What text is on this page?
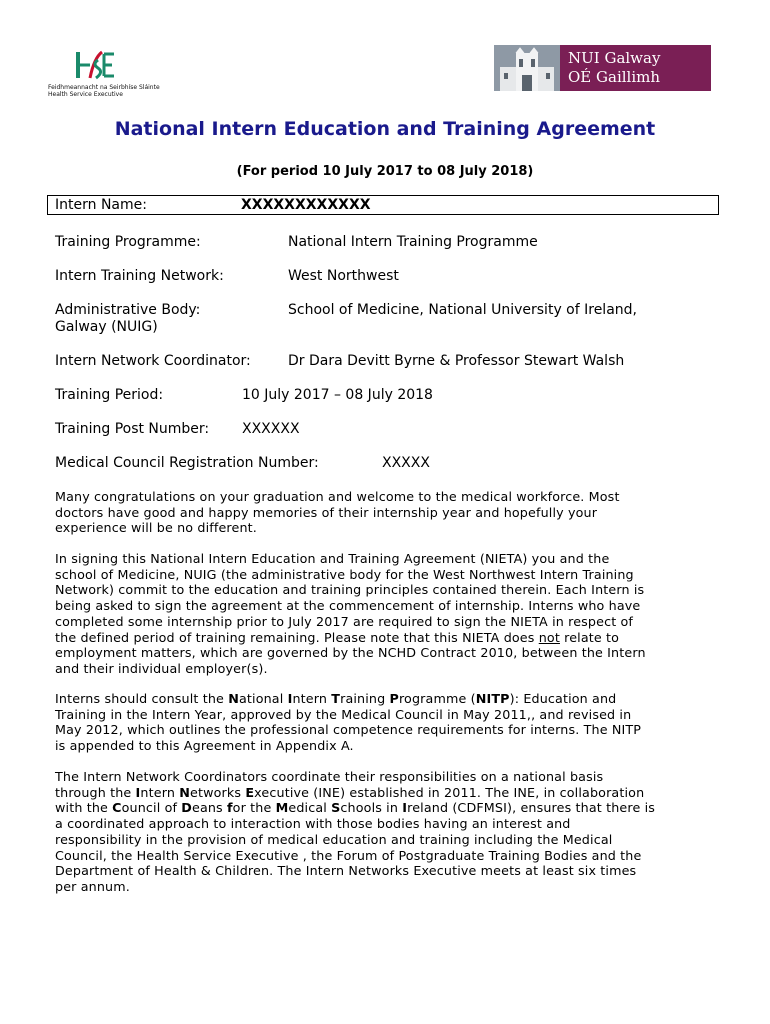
Feidhmeannacht na Seirbhíse Sláinte
Health Service Executive
NUI Galway
OÉ Gaillimh
National Intern Education and Training Agreement
(For period 10 July 2017 to 08 July 2018)
Intern Name:	XXXXXXXXXXXX
Training Programme:	National Intern Training Programme
Intern Training Network:	West Northwest
Administrative Body:	School of Medicine, National University of Ireland,
Galway (NUIG)
Intern Network Coordinator:	Dr Dara Devitt Byrne & Professor Stewart Walsh
Training Period:	10 July 2017 – 08 July 2018
Training Post Number: XXXXXX
Medical Council Registration Number:	XXXXX
Many congratulations on your graduation and welcome to the medical workforce. Most
doctors have good and happy memories of their internship year and hopefully your
experience will be no different.
In signing this National Intern Education and Training Agreement (NIETA) you and the
school of Medicine, NUIG (the administrative body for the West Northwest Intern Training
Network) commit to the education and training principles contained therein. Each Intern is
being asked to sign the agreement at the commencement of internship. Interns who have
completed some internship prior to July 2017 are required to sign the NIETA in respect of
the defined period of training remaining. Please note that this NIETA does not relate to
employment matters, which are governed by the NCHD Contract 2010, between the Intern
and their individual employer(s).
Interns should consult the National Intern Training Programme (NITP): Education and
Training in the Intern Year, approved by the Medical Council in May 2011,, and revised in
May 2012, which outlines the professional competence requirements for interns. The NITP
is appended to this Agreement in Appendix A.
The Intern Network Coordinators coordinate their responsibilities on a national basis
through the Intern Networks Executive (INE) established in 2011. The INE, in collaboration
with the Council of Deans for the Medical Schools in Ireland (CDFMSI), ensures that there is
a coordinated approach to interaction with those bodies having an interest and
responsibility in the provision of medical education and training including the Medical
Council, the Health Service Executive , the Forum of Postgraduate Training Bodies and the
Department of Health & Children. The Intern Networks Executive meets at least six times
per annum.
